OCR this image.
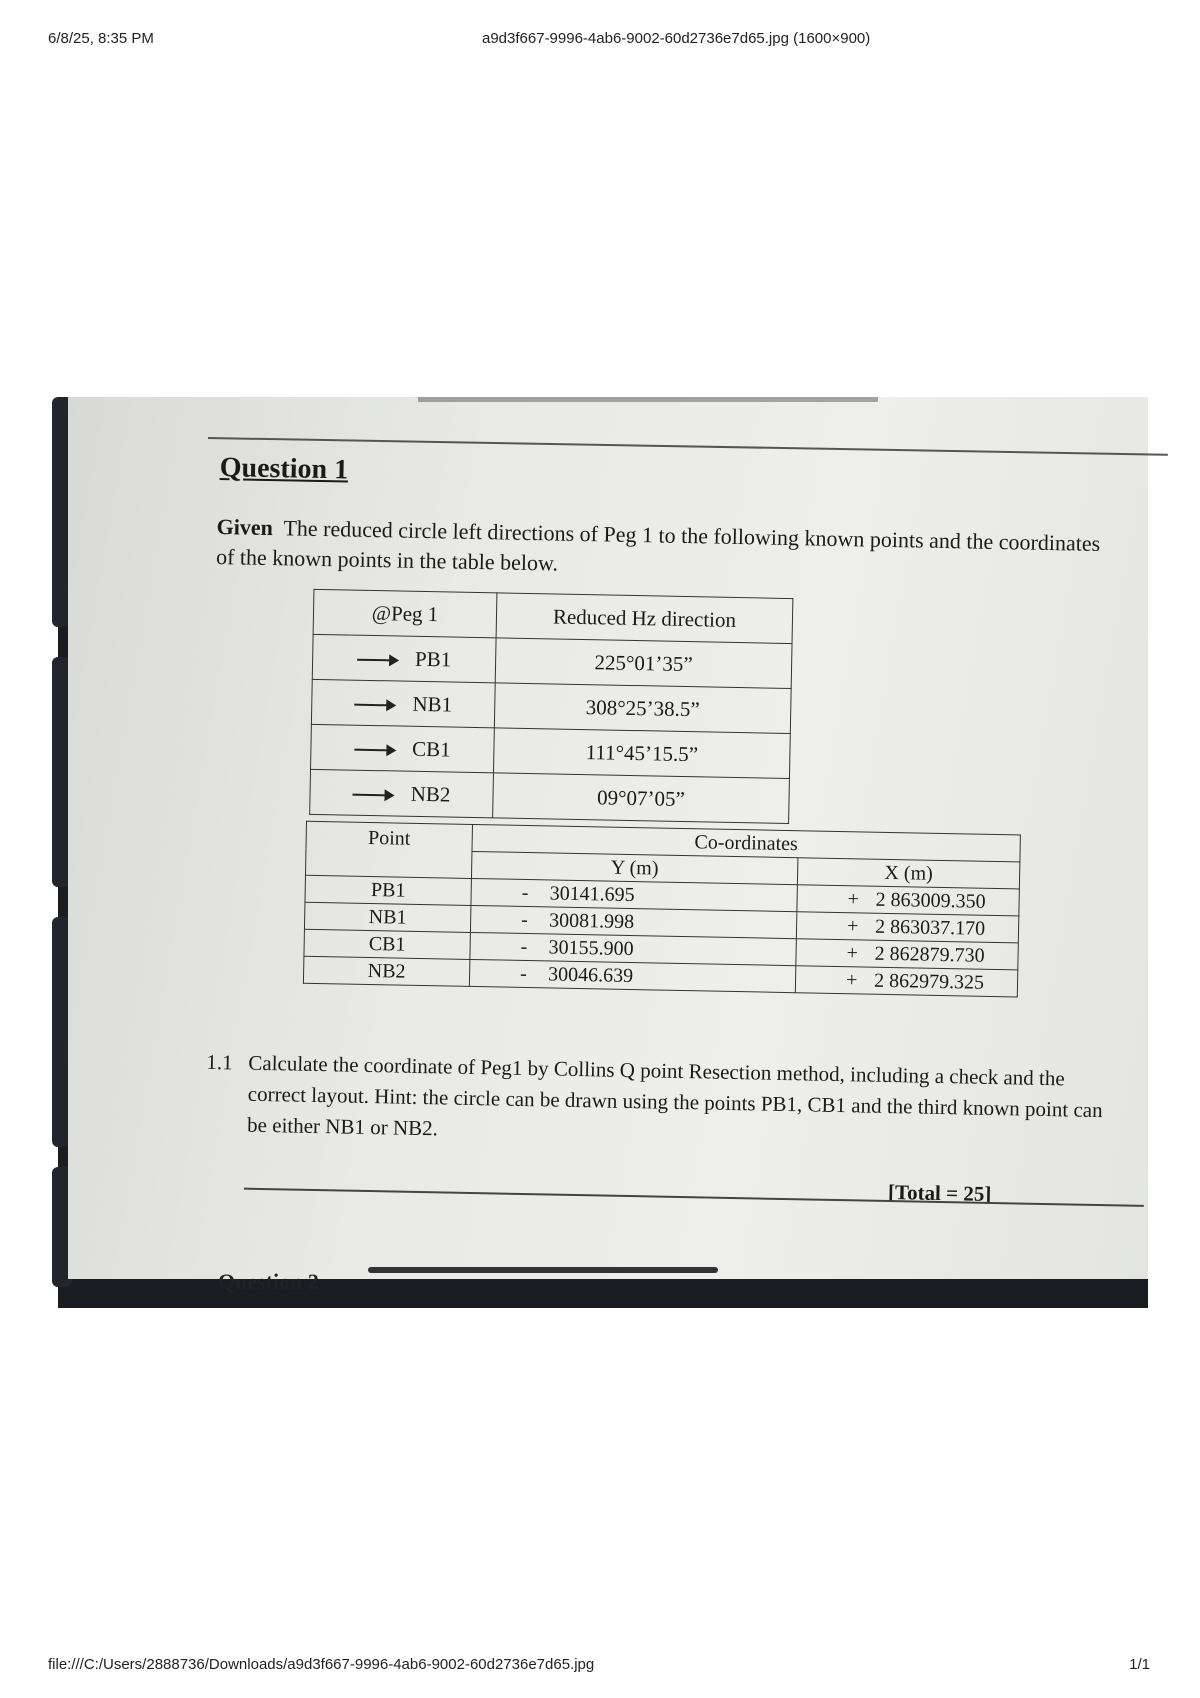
6/8/25, 8:35 PM	a9d3f667-9996-4ab6-9002-60d2736e7d65.jpg (1600×900)
Question 1
Given The reduced circle left directions of Peg 1 to the following known points and the coordinates of the known points in the table below.
@Peg 1	Reduced Hz direction
PB1	225°01’35”
NB1	308°25’38.5”
CB1	111°45’15.5”
NB2	09°07’05”
Point	Co-ordinates	
	Y (m)	X (m)
PB1	- 30141.695	+ 2 863009.350
NB1	- 30081.998	+ 2 863037.170
CB1	- 30155.900	+ 2 862879.730
NB2	- 30046.639	+ 2 862979.325
1.1 Calculate the coordinate of Peg1 by Collins Q point Resection method, including a check and the correct layout. Hint: the circle can be drawn using the points PB1, CB1 and the third known point can be either NB1 or NB2.
[Total = 25]
Question 2
file:///C:/Users/2888736/Downloads/a9d3f667-9996-4ab6-9002-60d2736e7d65.jpg	1/1
